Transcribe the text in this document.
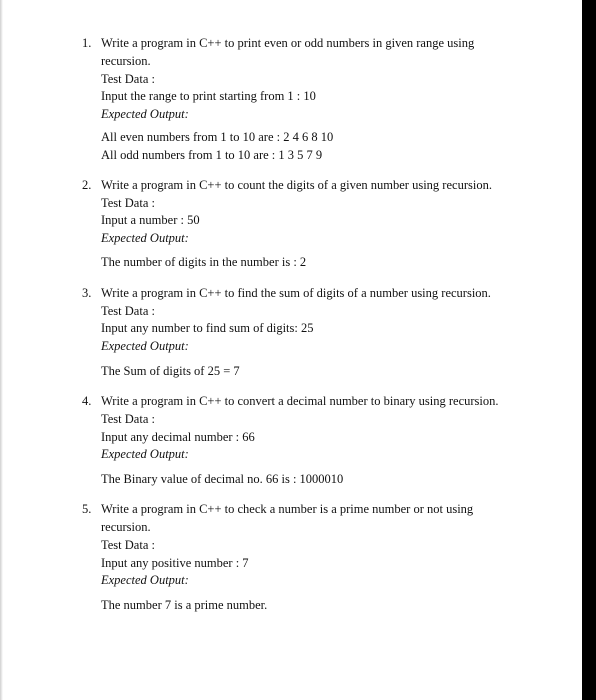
1. Write a program in C++ to print even or odd numbers in given range using
recursion.
Test Data :
Input the range to print starting from 1 : 10
Expected Output:
All even numbers from 1 to 10 are : 2 4 6 8 10
All odd numbers from 1 to 10 are : 1 3 5 7 9
2. Write a program in C++ to count the digits of a given number using recursion.
Test Data :
Input a number : 50
Expected Output:
The number of digits in the number is : 2
3. Write a program in C++ to find the sum of digits of a number using recursion.
Test Data :
Input any number to find sum of digits: 25
Expected Output:
The Sum of digits of 25 = 7
4. Write a program in C++ to convert a decimal number to binary using recursion.
Test Data :
Input any decimal number : 66
Expected Output:
The Binary value of decimal no. 66 is : 1000010
5. Write a program in C++ to check a number is a prime number or not using
recursion.
Test Data :
Input any positive number : 7
Expected Output:
The number 7 is a prime number.
